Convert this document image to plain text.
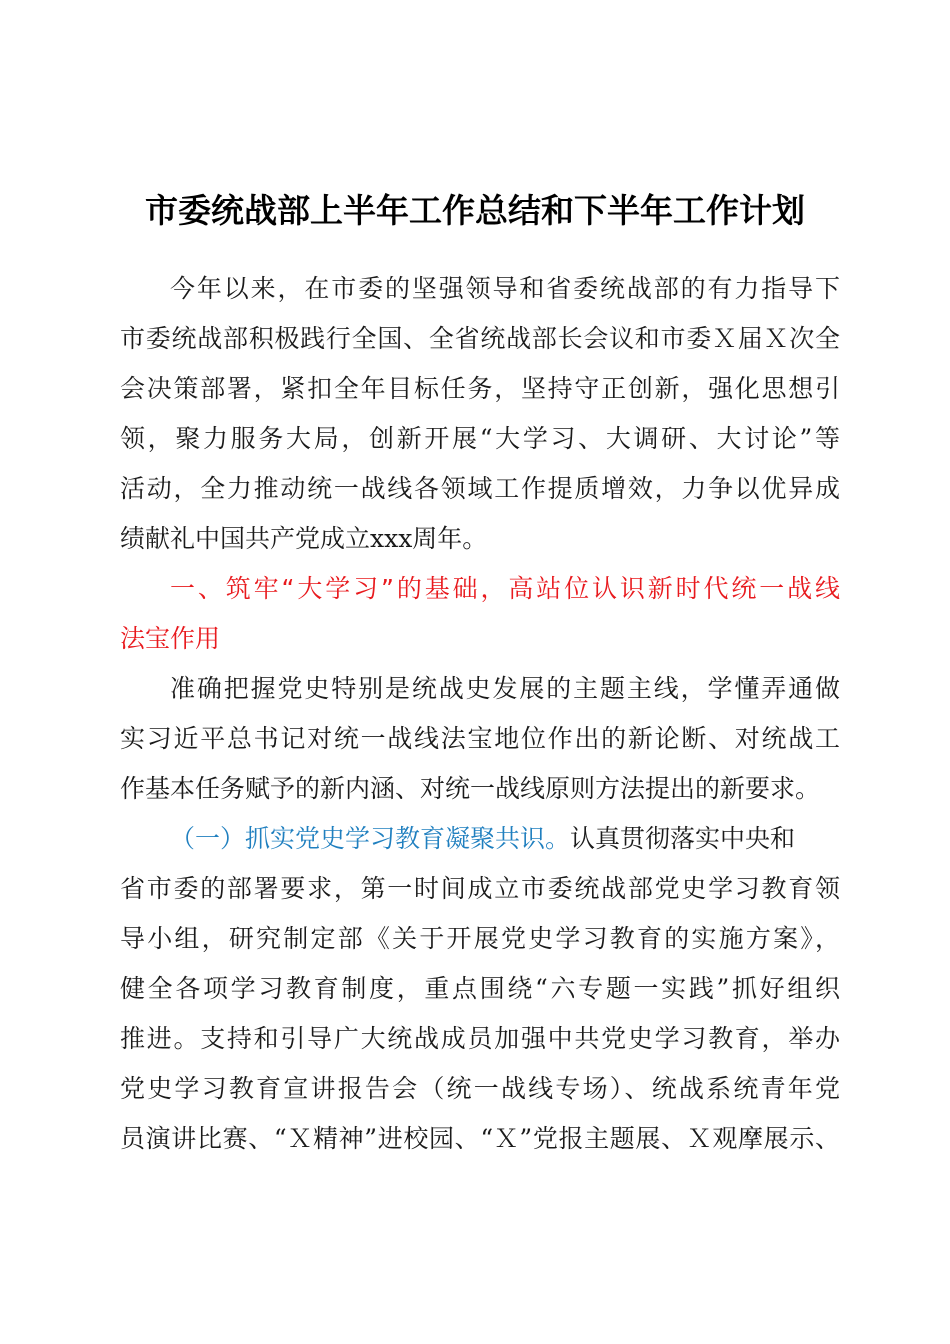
市委统战部上半年工作总结和下半年工作计划
今年以来，在市委的坚强领导和省委统战部的有力指导下
市委统战部积极践行全国、全省统战部长会议和市委Ｘ届Ｘ次全
会决策部署，紧扣全年目标任务，坚持守正创新，强化思想引
领，聚力服务大局，创新开展“大学习、大调研、大讨论”等
活动，全力推动统一战线各领域工作提质增效，力争以优异成
绩献礼中国共产党成立xxx周年。
一、筑牢“大学习”的基础，高站位认识新时代统一战线
法宝作用
准确把握党史特别是统战史发展的主题主线，学懂弄通做
实习近平总书记对统一战线法宝地位作出的新论断、对统战工
作基本任务赋予的新内涵、对统一战线原则方法提出的新要求。
（一）抓实党史学习教育凝聚共识。认真贯彻落实中央和
省市委的部署要求，第一时间成立市委统战部党史学习教育领
导小组，研究制定部《关于开展党史学习教育的实施方案》，
健全各项学习教育制度，重点围绕“六专题一实践”抓好组织
推进。支持和引导广大统战成员加强中共党史学习教育，举办
党史学习教育宣讲报告会（统一战线专场）、统战系统青年党
员演讲比赛、“Ｘ精神”进校园、“Ｘ”党报主题展、Ｘ观摩展示、
